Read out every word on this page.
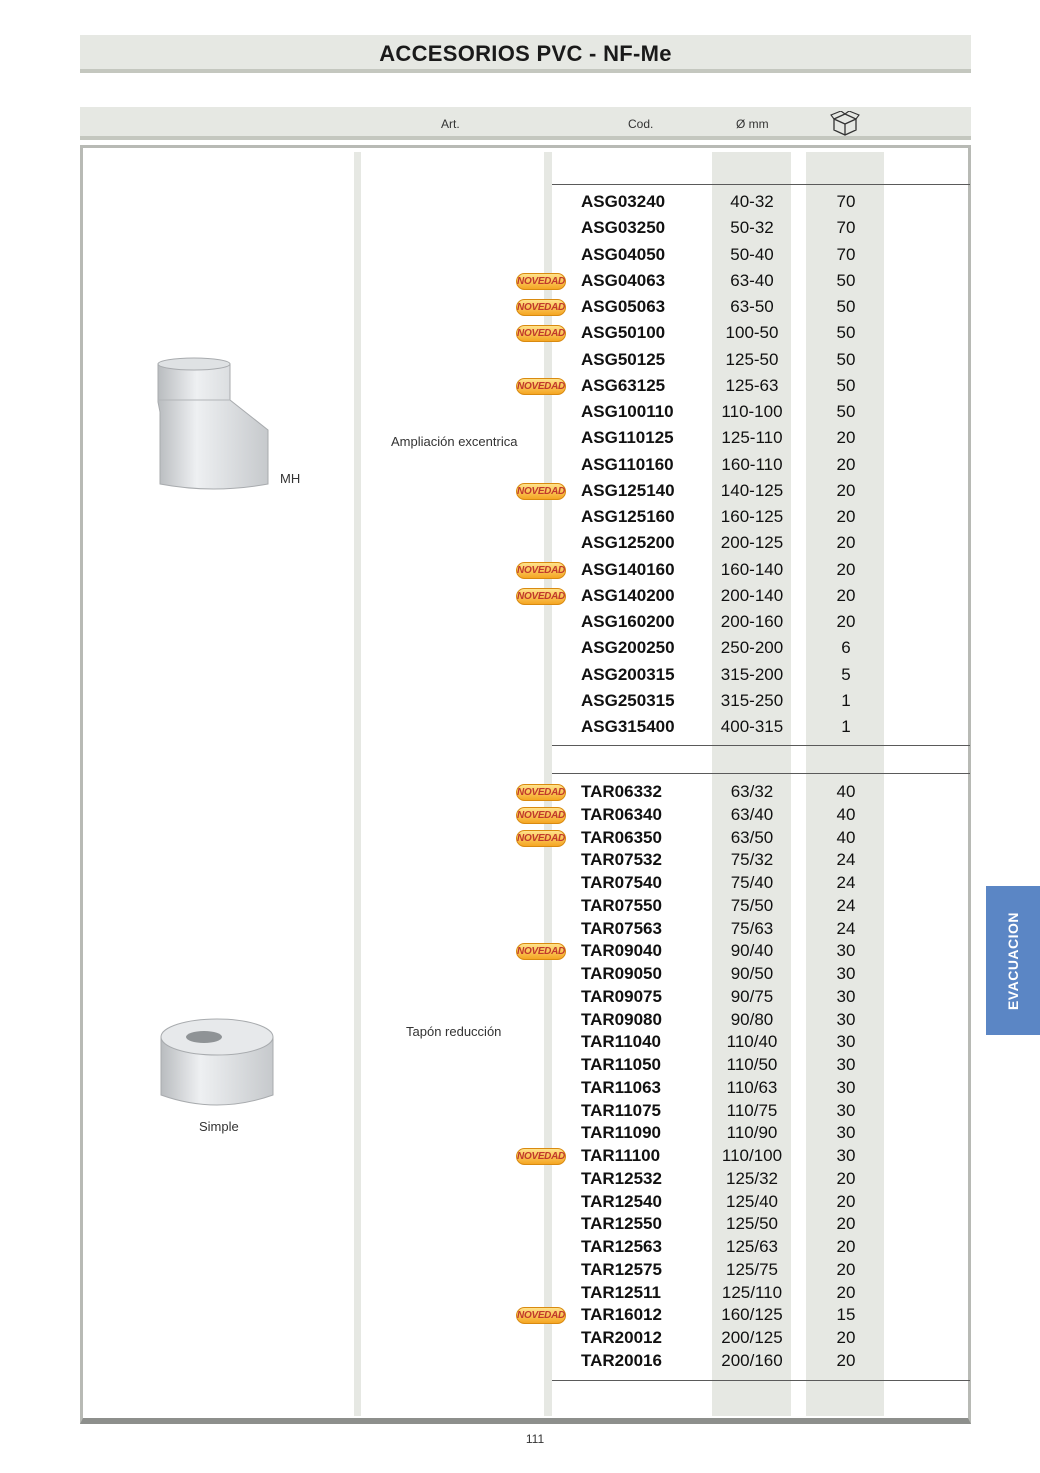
ACCESORIOS PVC - NF-Me
Art.	Cod.	Ø mm
MH
Ampliación excentrica
Simple
Tapón reducción
ASG03240	40-32	70
ASG03250	50-32	70
ASG04050	50-40	70
NOVEDAD ASG04063	63-40	50
NOVEDAD ASG05063	63-50	50
NOVEDAD ASG50100	100-50	50
ASG50125	125-50	50
NOVEDAD ASG63125	125-63	50
ASG100110	110-100	50
ASG110125	125-110	20
ASG110160	160-110	20
NOVEDAD ASG125140	140-125	20
ASG125160	160-125	20
ASG125200	200-125	20
NOVEDAD ASG140160	160-140	20
NOVEDAD ASG140200	200-140	20
ASG160200	200-160	20
ASG200250	250-200	6
ASG200315	315-200	5
ASG250315	315-250	1
ASG315400	400-315	1
NOVEDAD TAR06332	63/32	40
NOVEDAD TAR06340	63/40	40
NOVEDAD TAR06350	63/50	40
TAR07532	75/32	24
TAR07540	75/40	24
TAR07550	75/50	24
TAR07563	75/63	24
NOVEDAD TAR09040	90/40	30
TAR09050	90/50	30
TAR09075	90/75	30
TAR09080	90/80	30
TAR11040	110/40	30
TAR11050	110/50	30
TAR11063	110/63	30
TAR11075	110/75	30
TAR11090	110/90	30
NOVEDAD TAR11100	110/100	30
TAR12532	125/32	20
TAR12540	125/40	20
TAR12550	125/50	20
TAR12563	125/63	20
TAR12575	125/75	20
TAR12511	125/110	20
NOVEDAD TAR16012	160/125	15
TAR20012	200/125	20
TAR20016	200/160	20
EVACUACION
111
